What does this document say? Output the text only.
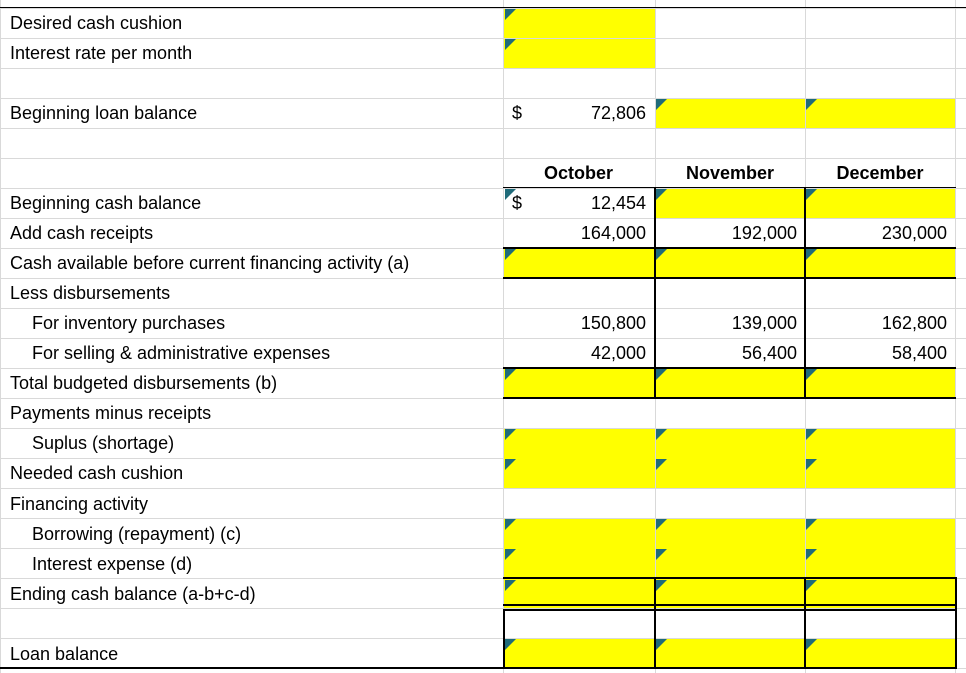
Desired cash cushion
Interest rate per month
Beginning loan balance	$	72,806
October	November	December
Beginning cash balance	$	12,454
Add cash receipts	164,000	192,000	230,000
Cash available before current financing activity (a)
Less disbursements
For inventory purchases	150,800	139,000	162,800
For selling & administrative expenses	42,000	56,400	58,400
Total budgeted disbursements (b)
Payments minus receipts
Suplus (shortage)
Needed cash cushion
Financing activity
Borrowing (repayment) (c)
Interest expense (d)
Ending cash balance (a-b+c-d)
Loan balance
